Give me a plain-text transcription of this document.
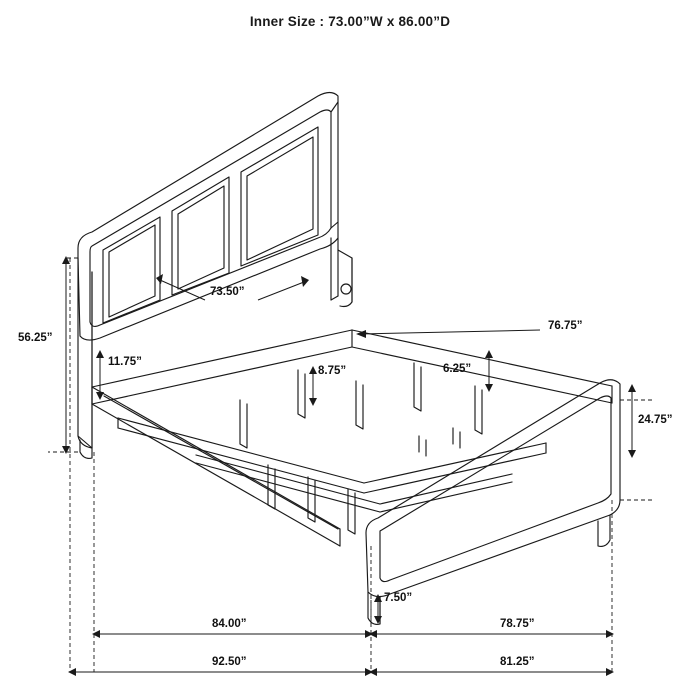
Inner Size : 73.00”W x 86.00”D
56.25”
73.50”
76.75”
11.75”
8.75”	6.25”
24.75”
7.50”
84.00”	78.75”
92.50”	81.25”
